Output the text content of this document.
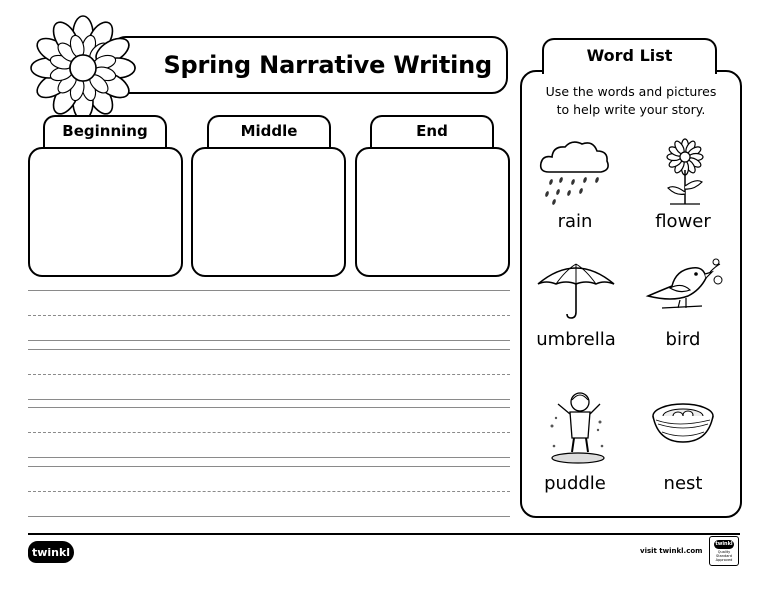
Spring Narrative Writing
Beginning	Middle	End
Word List
Use the words and pictures
to help write your story.
rain	flower
umbrella	bird
puddle	nest
twinkl	visit twinkl.com
twinkl
Quality Standard Approved
